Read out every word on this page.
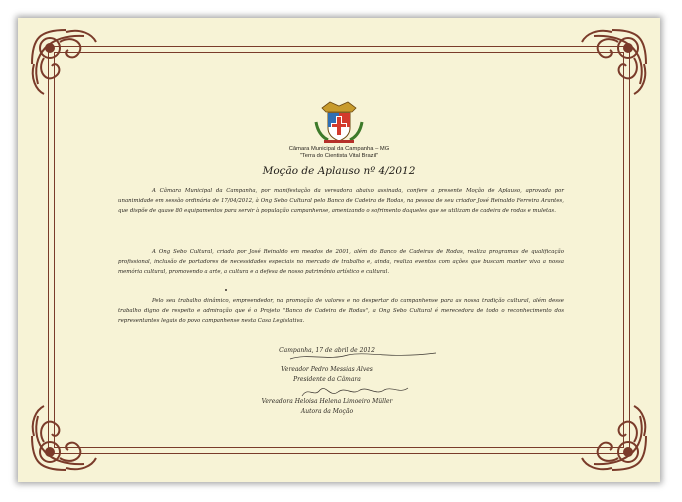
Câmara Municipal da Campanha – MG
"Terra do Cientista Vital Brazil"
Moção de Aplauso nº 4/2012

A Câmara Municipal da Campanha, por manifestação da vereadora abaixo assinada, confere a presente Moção de Aplauso, aprovada por unanimidade em sessão ordinária de 17/04/2012, à Ong Sebo Cultural pelo Banco de Cadeira de Rodas, na pessoa de seu criador José Reinaldo Ferreira Arantes, que dispõe de quase 80 equipamentos para servir à população campanhense, amenizando o sofrimento daqueles que se utilizam de cadeira de rodas e muletas.

A Ong Sebo Cultural, criada por José Reinaldo em meados de 2001, além do Banco de Cadeiras de Rodas, realiza programas de qualificação profissional, inclusão de portadores de necessidades especiais no mercado de trabalho e, ainda, realiza eventos com ações que buscam manter viva a nossa memória cultural, promovendo a arte, a cultura e a defesa de nosso patrimônio artístico e cultural.

Pelo seu trabalho dinâmico, empreendedor, na promoção de valores e no despertar do campanhense para as nossa tradição cultural, além desse trabalho digno de respeito e admiração que é o Projeto "Banco de Cadeira de Rodas", a Ong Sebo Cultural é merecedora de todo o reconhecimento dos representantes legais do povo campanhense nesta Casa Legislativa.

Campanha, 17 de abril de 2012
Vereador Pedro Messias Alves
Presidente da Câmara
Vereadora Heloisa Helena Limoeiro Müller
Autora da Moção
